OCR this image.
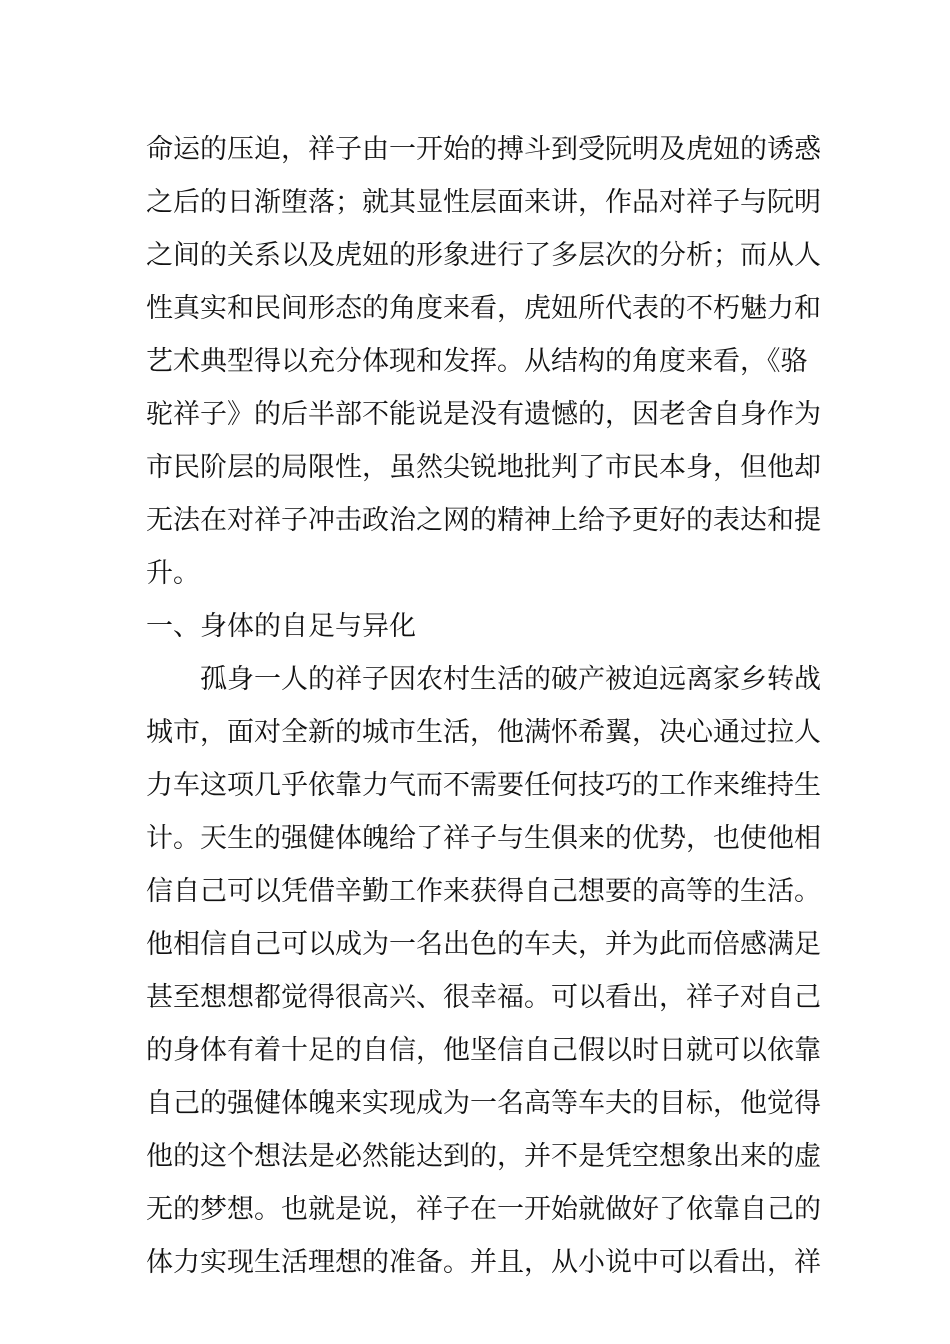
命运的压迫，祥子由一开始的搏斗到受阮明及虎妞的诱惑
之后的日渐堕落；就其显性层面来讲，作品对祥子与阮明
之间的关系以及虎妞的形象进行了多层次的分析；而从人
性真实和民间形态的角度来看，虎妞所代表的不朽魅力和
艺术典型得以充分体现和发挥。从结构的角度来看，《骆
驼祥子》的后半部不能说是没有遗憾的，因老舍自身作为
市民阶层的局限性，虽然尖锐地批判了市民本身，但他却
无法在对祥子冲击政治之网的精神上给予更好的表达和提
升。
一、身体的自足与异化
孤身一人的祥子因农村生活的破产被迫远离家乡转战
城市，面对全新的城市生活，他满怀希翼，决心通过拉人
力车这项几乎依靠力气而不需要任何技巧的工作来维持生
计。天生的强健体魄给了祥子与生俱来的优势，也使他相
信自己可以凭借辛勤工作来获得自己想要的高等的生活。
他相信自己可以成为一名出色的车夫，并为此而倍感满足
甚至想想都觉得很高兴、很幸福。可以看出，祥子对自己
的身体有着十足的自信，他坚信自己假以时日就可以依靠
自己的强健体魄来实现成为一名高等车夫的目标，他觉得
他的这个想法是必然能达到的，并不是凭空想象出来的虚
无的梦想。也就是说，祥子在一开始就做好了依靠自己的
体力实现生活理想的准备。并且，从小说中可以看出，祥
